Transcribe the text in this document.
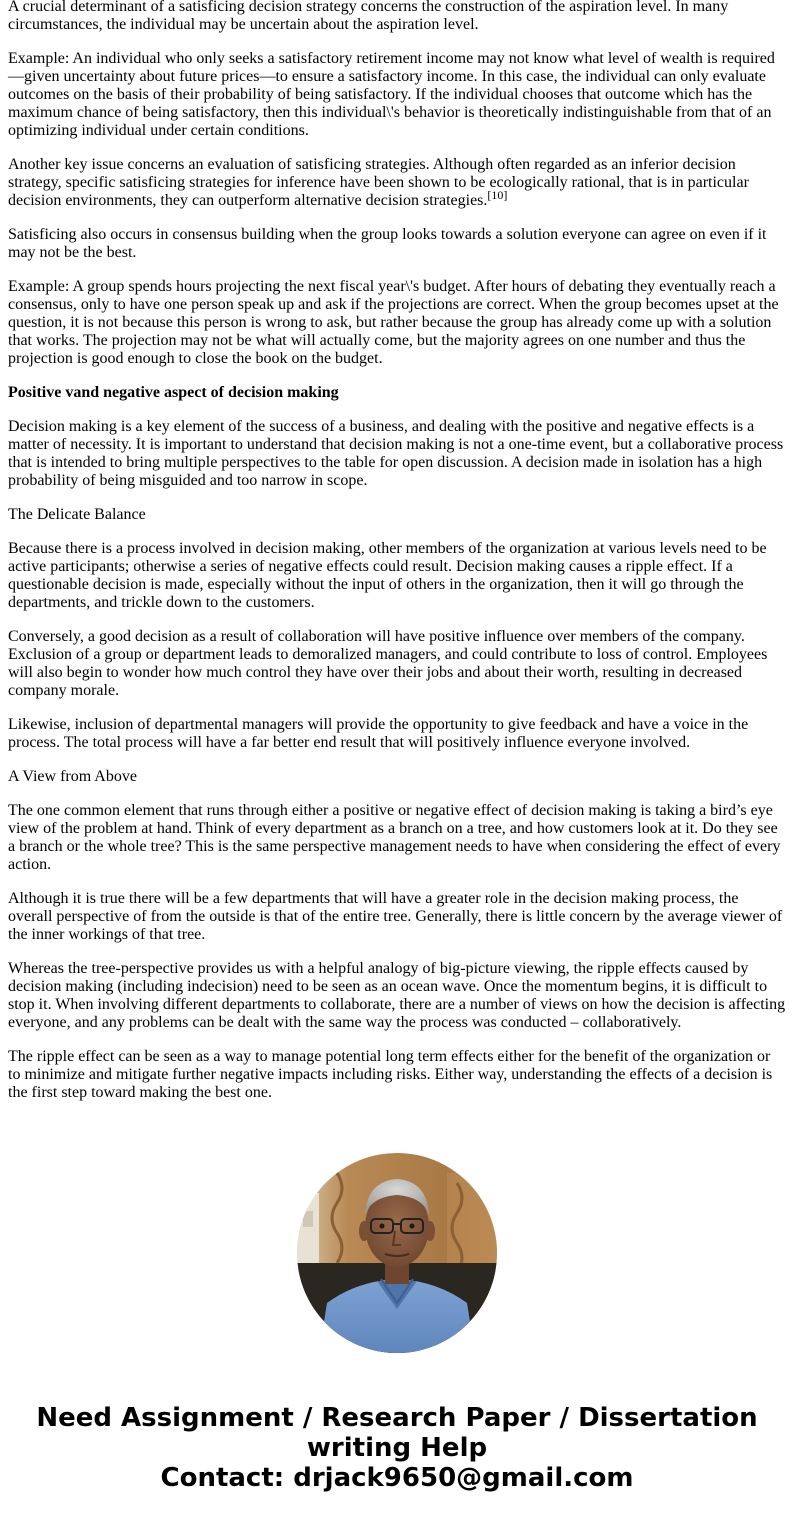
A crucial determinant of a satisficing decision strategy concerns the construction of the aspiration level. In many circumstances, the individual may be uncertain about the aspiration level.

Example: An individual who only seeks a satisfactory retirement income may not know what level of wealth is required—given uncertainty about future prices—to ensure a satisfactory income. In this case, the individual can only evaluate outcomes on the basis of their probability of being satisfactory. If the individual chooses that outcome which has the maximum chance of being satisfactory, then this individual\'s behavior is theoretically indistinguishable from that of an optimizing individual under certain conditions.

Another key issue concerns an evaluation of satisficing strategies. Although often regarded as an inferior decision strategy, specific satisficing strategies for inference have been shown to be ecologically rational, that is in particular decision environments, they can outperform alternative decision strategies.[10]

Satisficing also occurs in consensus building when the group looks towards a solution everyone can agree on even if it may not be the best.

Example: A group spends hours projecting the next fiscal year\'s budget. After hours of debating they eventually reach a consensus, only to have one person speak up and ask if the projections are correct. When the group becomes upset at the question, it is not because this person is wrong to ask, but rather because the group has already come up with a solution that works. The projection may not be what will actually come, but the majority agrees on one number and thus the projection is good enough to close the book on the budget.

Positive vand negative aspect of decision making

Decision making is a key element of the success of a business, and dealing with the positive and negative effects is a matter of necessity. It is important to understand that decision making is not a one-time event, but a collaborative process that is intended to bring multiple perspectives to the table for open discussion. A decision made in isolation has a high probability of being misguided and too narrow in scope.

The Delicate Balance

Because there is a process involved in decision making, other members of the organization at various levels need to be active participants; otherwise a series of negative effects could result. Decision making causes a ripple effect. If a questionable decision is made, especially without the input of others in the organization, then it will go through the departments, and trickle down to the customers.

Conversely, a good decision as a result of collaboration will have positive influence over members of the company. Exclusion of a group or department leads to demoralized managers, and could contribute to loss of control. Employees will also begin to wonder how much control they have over their jobs and about their worth, resulting in decreased company morale.

Likewise, inclusion of departmental managers will provide the opportunity to give feedback and have a voice in the process. The total process will have a far better end result that will positively influence everyone involved.

A View from Above

The one common element that runs through either a positive or negative effect of decision making is taking a bird’s eye view of the problem at hand. Think of every department as a branch on a tree, and how customers look at it. Do they see a branch or the whole tree? This is the same perspective management needs to have when considering the effect of every action.

Although it is true there will be a few departments that will have a greater role in the decision making process, the overall perspective of from the outside is that of the entire tree. Generally, there is little concern by the average viewer of the inner workings of that tree.

Whereas the tree-perspective provides us with a helpful analogy of big-picture viewing, the ripple effects caused by decision making (including indecision) need to be seen as an ocean wave. Once the momentum begins, it is difficult to stop it. When involving different departments to collaborate, there are a number of views on how the decision is affecting everyone, and any problems can be dealt with the same way the process was conducted – collaboratively.

The ripple effect can be seen as a way to manage potential long term effects either for the benefit of the organization or to minimize and mitigate further negative impacts including risks. Either way, understanding the effects of a decision is the first step toward making the best one.

Need Assignment / Research Paper / Dissertation writing Help
Contact: drjack9650@gmail.com
